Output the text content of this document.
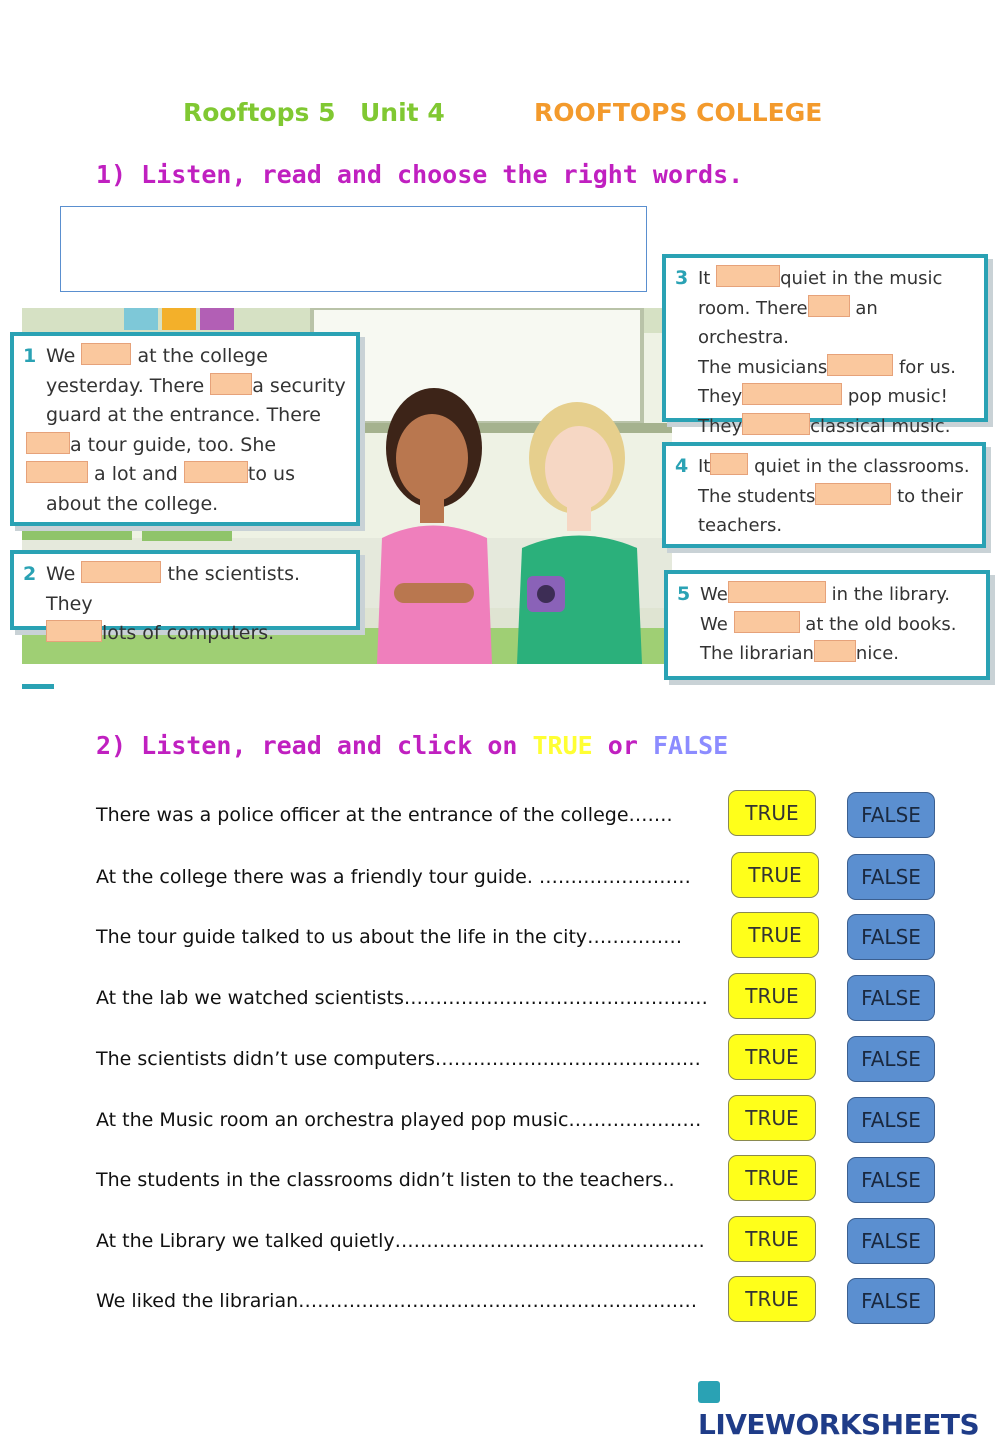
Rooftops 5 Unit 4	ROOFTOPS COLLEGE
1) Listen, read and choose the right words.
1 We	at the college
yesterday. There	a security
guard at the entrance. There
a tour guide, too. She
a lot and	to us
about the college.
2 We	the scientists. They
lots of computers.
3 It	quiet in the music
room. There	an orchestra.
The musicians	for us.
They	pop music!
They	classical music.
4 It quiet in the classrooms.
The students	to their
teachers.
5 We	in the library.
We	at the old books.
The librarian nice.
2) Listen, read and click on TRUE or FALSE
There was a police officer at the entrance of the college…….	TRUE	FALSE
At the college there was a friendly tour guide. ……………………	TRUE	FALSE
The tour guide talked to us about the life in the city……………	TRUE	FALSE
At the lab we watched scientists…………………………………………	TRUE	FALSE
The scientists didn’t use computers……………………………………	TRUE	FALSE
At the Music room an orchestra played pop music…………………	TRUE	FALSE
The students in the classrooms didn’t listen to the teachers..	TRUE	FALSE
At the Library we talked quietly………………………………………….	TRUE	FALSE
We liked the librarian………………………………………………………	TRUE	FALSE
LIVEWORKSHEETS
